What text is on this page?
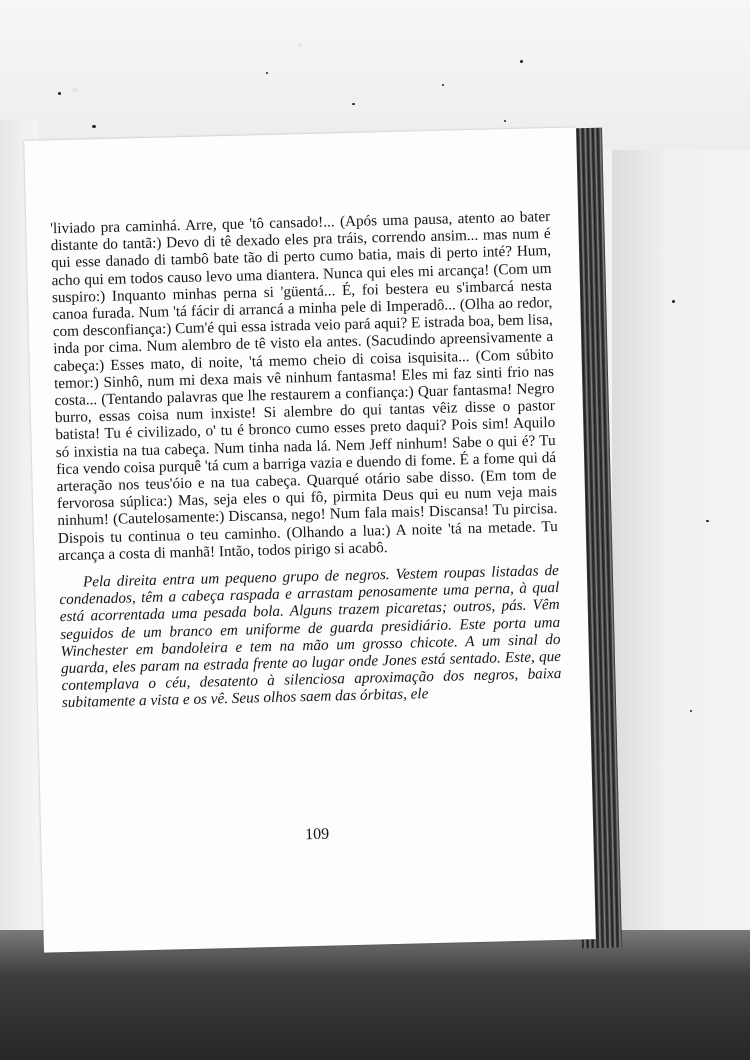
'liviado pra caminhá. Arre, que 'tô cansado!... (Após uma pausa, atento ao bater distante do tantã:) Devo di tê dexado eles pra tráis, correndo ansim... mas num é qui esse danado di tambô bate tão di perto cumo batia, mais di perto inté? Hum, acho qui em todos causo levo uma diantera. Nunca qui eles mi arcança! (Com um suspiro:) Inquanto minhas perna si 'güentá... É, foi bestera eu s'imbarcá nesta canoa furada. Num 'tá fácir di arrancá a minha pele di Imperadô... (Olha ao redor, com desconfiança:) Cum'é qui essa istrada veio pará aqui? E istrada boa, bem lisa, inda por cima. Num alembro de tê visto ela antes. (Sacudindo apreensivamente a cabeça:) Esses mato, di noite, 'tá memo cheio di coisa isquisita... (Com súbito temor:) Sinhô, num mi dexa mais vê ninhum fantasma! Eles mi faz sinti frio nas costa... (Tentando palavras que lhe restaurem a confiança:) Quar fantasma! Negro burro, essas coisa num inxiste! Si alembre do qui tantas vêiz disse o pastor batista! Tu é civilizado, o' tu é bronco cumo esses preto daqui? Pois sim! Aquilo só inxistia na tua cabeça. Num tinha nada lá. Nem Jeff ninhum! Sabe o qui é? Tu fica vendo coisa purquê 'tá cum a barriga vazia e duendo di fome. É a fome qui dá arteração nos teus'óio e na tua cabeça. Quarqué otário sabe disso. (Em tom de fervorosa súplica:) Mas, seja eles o qui fô, pirmita Deus qui eu num veja mais ninhum! (Cautelosamente:) Discansa, nego! Num fala mais! Discansa! Tu pircisa. Dispois tu continua o teu caminho. (Olhando a lua:) A noite 'tá na metade. Tu arcança a costa di manhã! Intão, todos pirigo si acabô.

Pela direita entra um pequeno grupo de negros. Vestem roupas listadas de condenados, têm a cabeça raspada e arrastam penosamente uma perna, à qual está acorrentada uma pesada bola. Alguns trazem picaretas; outros, pás. Vêm seguidos de um branco em uniforme de guarda presidiário. Este porta uma Winchester em bandoleira e tem na mão um grosso chicote. A um sinal do guarda, eles param na estrada frente ao lugar onde Jones está sentado. Este, que contemplava o céu, desatento à silenciosa aproximação dos negros, baixa subitamente a vista e os vê. Seus olhos saem das órbitas, ele

109
